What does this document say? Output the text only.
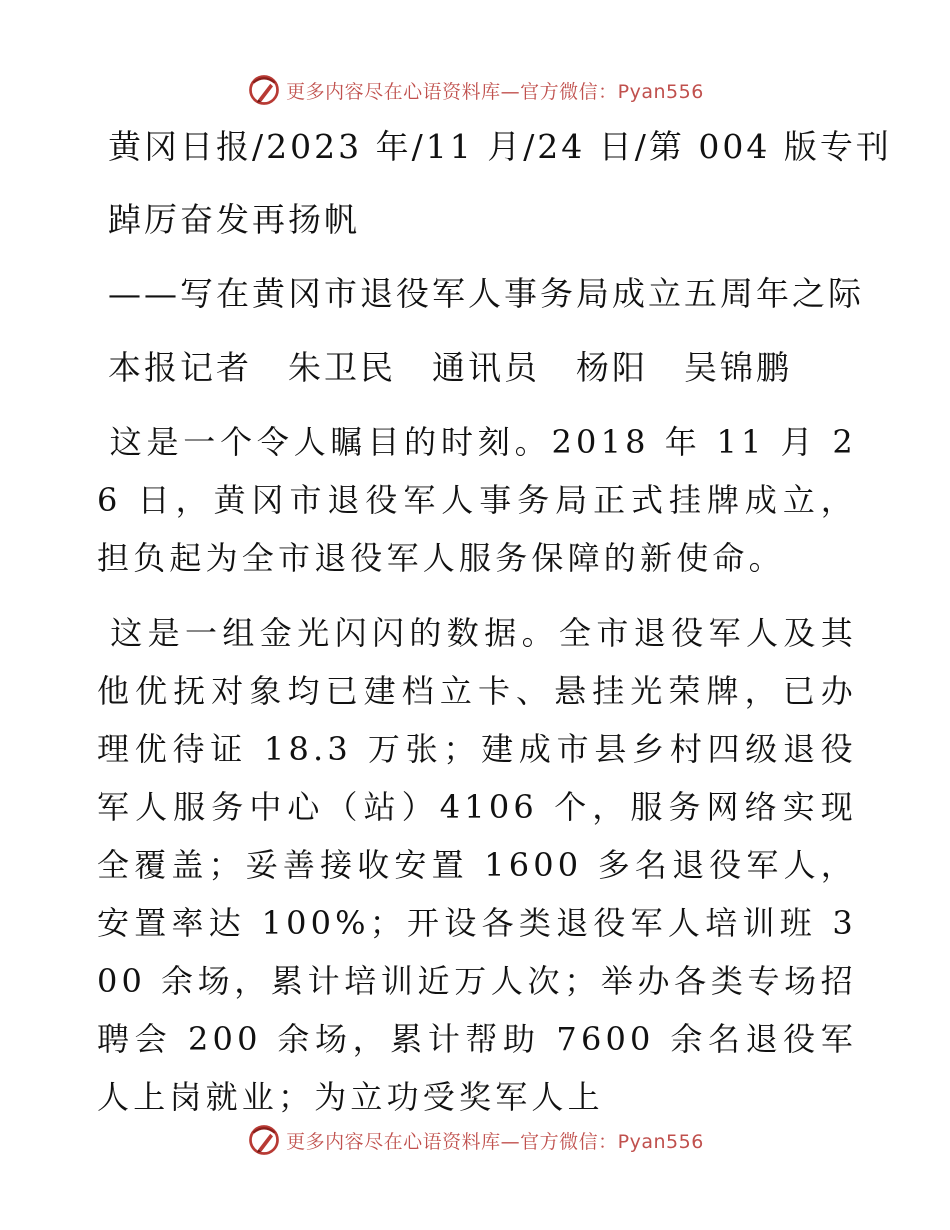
更多内容尽在心语资料库—官方微信：Pyan556
黄冈日报/2023 年/11 月/24 日/第 004 版专刊
踔厉奋发再扬帆
——写在黄冈市退役军人事务局成立五周年之际
本报记者　朱卫民　通讯员　杨阳　吴锦鹏
这是一个令人瞩目的时刻。2018 年 11 月 26 日，黄冈市退役军人事务局正式挂牌成立，担负起为全市退役军人服务保障的新使命。
这是一组金光闪闪的数据。全市退役军人及其他优抚对象均已建档立卡、悬挂光荣牌，已办理优待证 18.3 万张；建成市县乡村四级退役军人服务中心（站）4106 个，服务网络实现全覆盖；妥善接收安置 1600 多名退役军人，安置率达 100%；开设各类退役军人培训班 300 余场，累计培训近万人次；举办各类专场招聘会 200 余场，累计帮助 7600 余名退役军人上岗就业；为立功受奖军人上
更多内容尽在心语资料库—官方微信：Pyan556
